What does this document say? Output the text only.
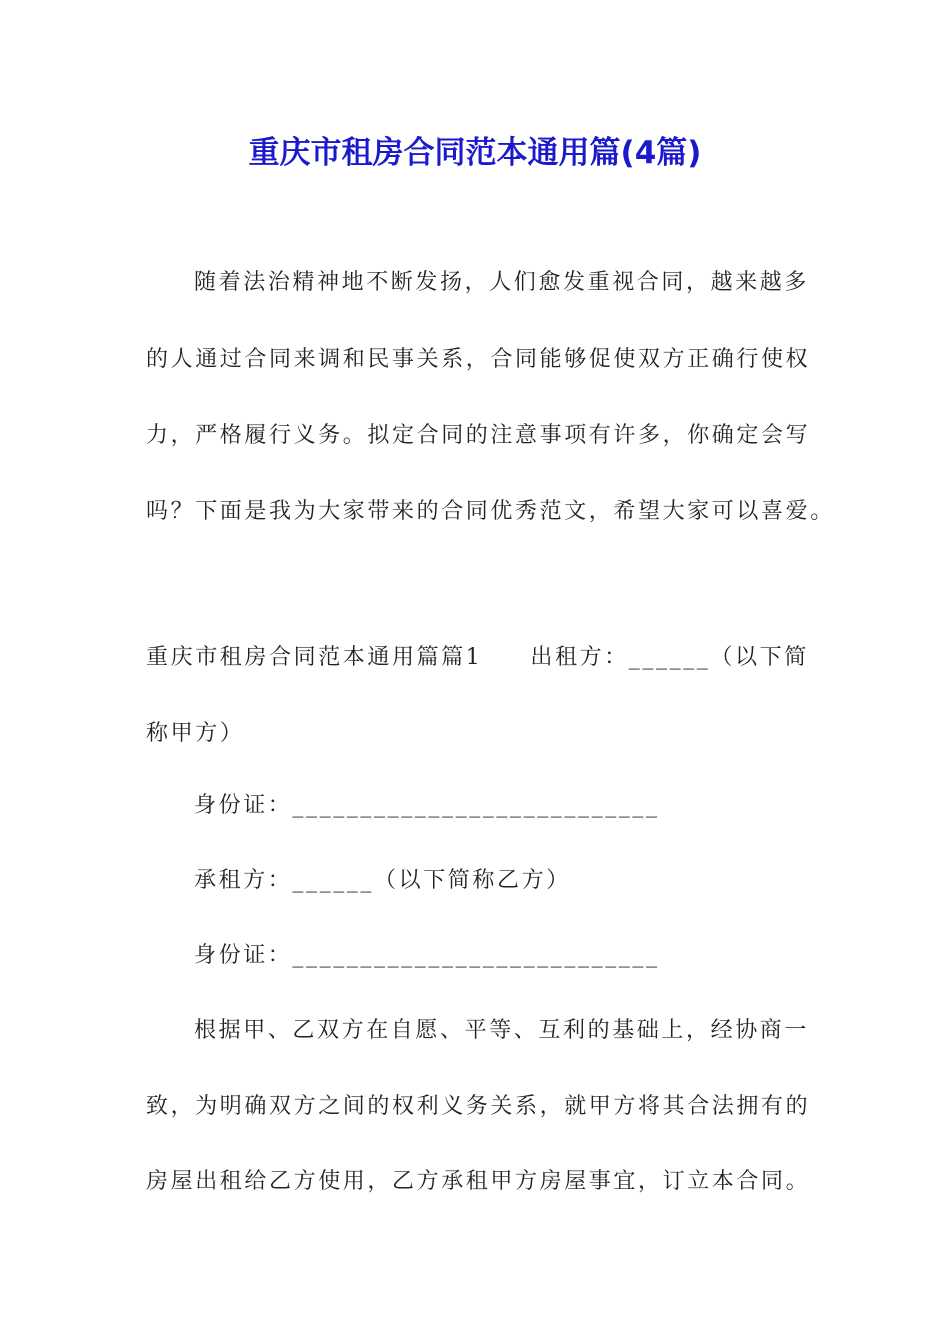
重庆市租房合同范本通用篇(4篇)

随着法治精神地不断发扬，人们愈发重视合同，越来越多

的人通过合同来调和民事关系，合同能够促使双方正确行使权

力，严格履行义务。拟定合同的注意事项有许多，你确定会写

吗？下面是我为大家带来的合同优秀范文，希望大家可以喜爱。

重庆市租房合同范本通用篇篇1 出租方：______（以下简

称甲方）

身份证：___________________________

承租方：______（以下简称乙方）

身份证：___________________________

根据甲、乙双方在自愿、平等、互利的基础上，经协商一

致，为明确双方之间的权利义务关系，就甲方将其合法拥有的

房屋出租给乙方使用，乙方承租甲方房屋事宜，订立本合同。
